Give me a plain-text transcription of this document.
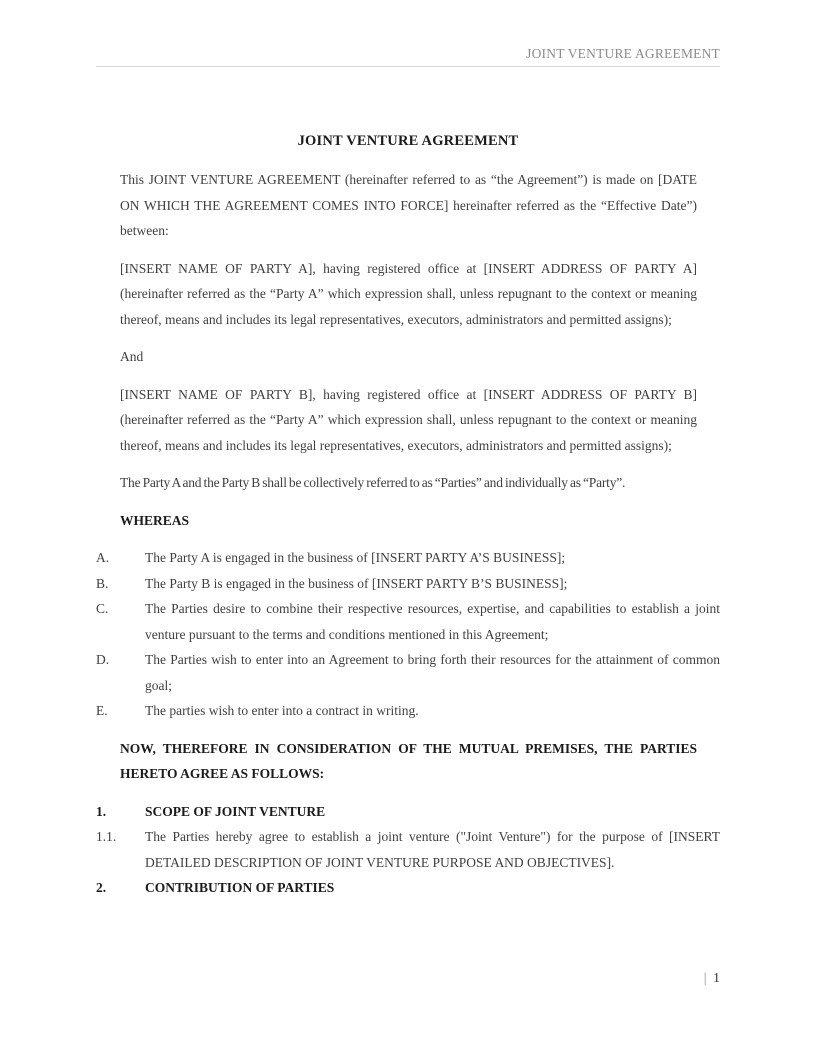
JOINT VENTURE AGREEMENT
JOINT VENTURE AGREEMENT

This JOINT VENTURE AGREEMENT (hereinafter referred to as “the Agreement”) is made on [DATE ON WHICH THE AGREEMENT COMES INTO FORCE] hereinafter referred as the “Effective Date”) between:

[INSERT NAME OF PARTY A], having registered office at [INSERT ADDRESS OF PARTY A] (hereinafter referred as the “Party A” which expression shall, unless repugnant to the context or meaning thereof, means and includes its legal representatives, executors, administrators and permitted assigns);

And

[INSERT NAME OF PARTY B], having registered office at [INSERT ADDRESS OF PARTY B] (hereinafter referred as the “Party A” which expression shall, unless repugnant to the context or meaning thereof, means and includes its legal representatives, executors, administrators and permitted assigns);

The Party A and the Party B shall be collectively referred to as “Parties” and individually as “Party”.

WHEREAS

A.	The Party A is engaged in the business of [INSERT PARTY A’S BUSINESS];
B.	The Party B is engaged in the business of [INSERT PARTY B’S BUSINESS];
C.	The Parties desire to combine their respective resources, expertise, and capabilities to establish a joint venture pursuant to the terms and conditions mentioned in this Agreement;
D.	The Parties wish to enter into an Agreement to bring forth their resources for the attainment of common goal;
E.	The parties wish to enter into a contract in writing.

NOW, THEREFORE IN CONSIDERATION OF THE MUTUAL PREMISES, THE PARTIES HERETO AGREE AS FOLLOWS:

1.	SCOPE OF JOINT VENTURE
1.1.	The Parties hereby agree to establish a joint venture ("Joint Venture") for the purpose of [INSERT DETAILED DESCRIPTION OF JOINT VENTURE PURPOSE AND OBJECTIVES].
2.	CONTRIBUTION OF PARTIES
| 1
